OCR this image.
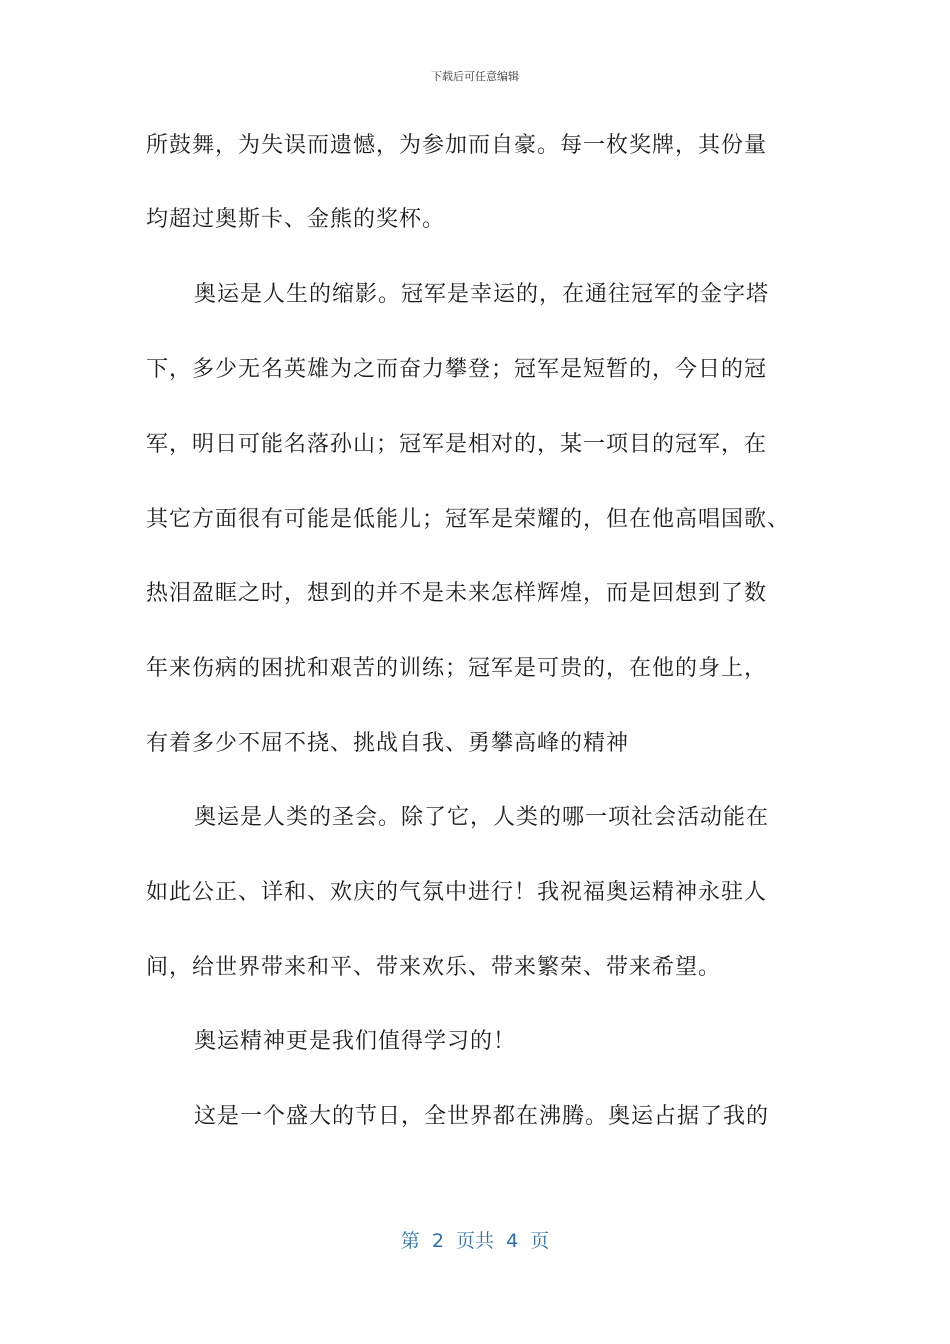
下载后可任意编辑
所鼓舞，为失误而遗憾，为参加而自豪。每一枚奖牌，其份量
均超过奥斯卡、金熊的奖杯。
奥运是人生的缩影。冠军是幸运的，在通往冠军的金字塔
下，多少无名英雄为之而奋力攀登；冠军是短暂的，今日的冠
军，明日可能名落孙山；冠军是相对的，某一项目的冠军，在
其它方面很有可能是低能儿；冠军是荣耀的，但在他高唱国歌、
热泪盈眶之时，想到的并不是未来怎样辉煌，而是回想到了数
年来伤病的困扰和艰苦的训练；冠军是可贵的，在他的身上，
有着多少不屈不挠、挑战自我、勇攀高峰的精神
奥运是人类的圣会。除了它，人类的哪一项社会活动能在
如此公正、详和、欢庆的气氛中进行！我祝福奥运精神永驻人
间，给世界带来和平、带来欢乐、带来繁荣、带来希望。
奥运精神更是我们值得学习的！
这是一个盛大的节日，全世界都在沸腾。奥运占据了我的
第  2  页共  4  页
